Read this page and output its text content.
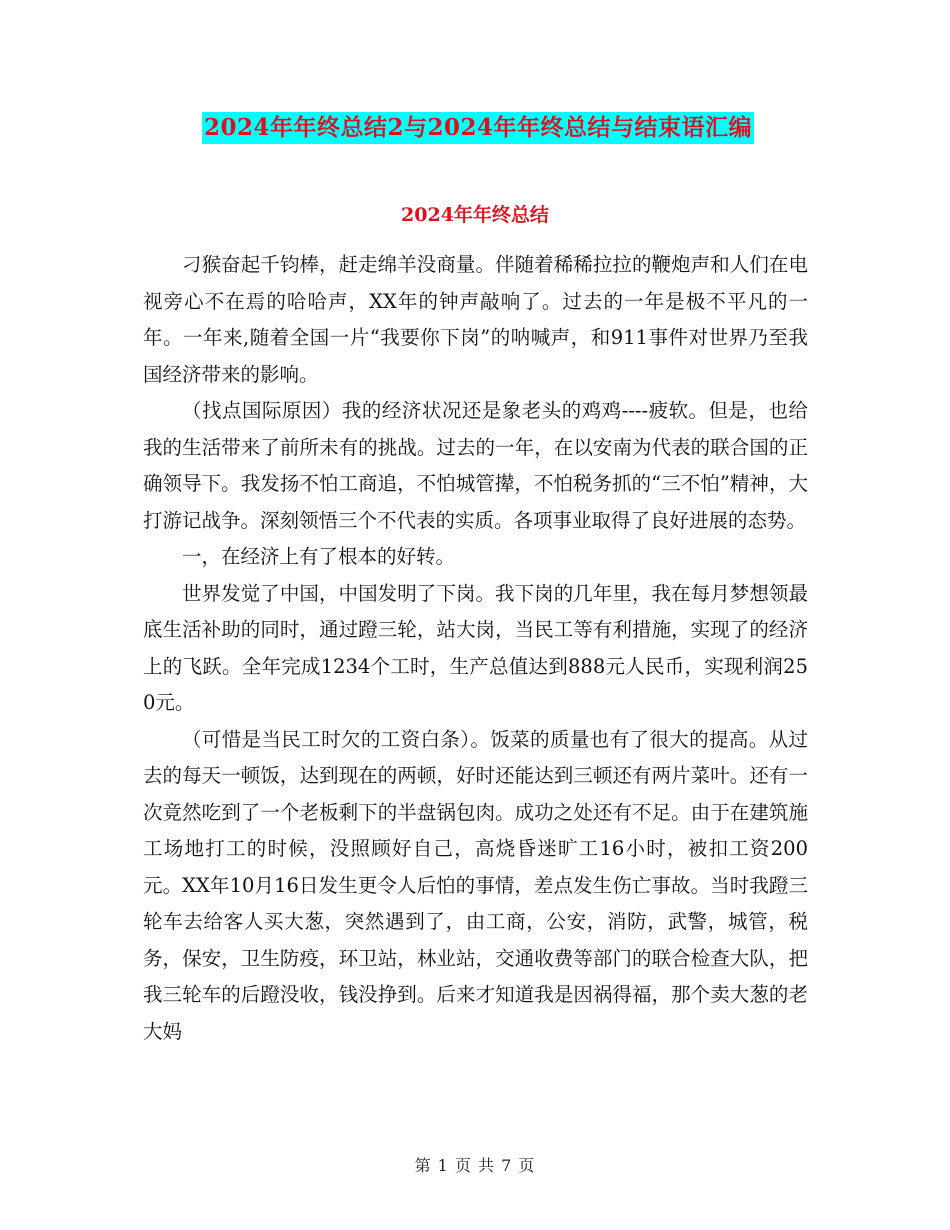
2024年年终总结2与2024年年终总结与结束语汇编
2024年年终总结

刁猴奋起千钧棒，赶走绵羊没商量。伴随着稀稀拉拉的鞭炮声和人们在电视旁心不在焉的哈哈声，XX年的钟声敲响了。过去的一年是极不平凡的一年。一年来,随着全国一片“我要你下岗”的呐喊声，和911事件对世界乃至我国经济带来的影响。

（找点国际原因）我的经济状况还是象老头的鸡鸡----疲软。但是，也给我的生活带来了前所未有的挑战。过去的一年，在以安南为代表的联合国的正确领导下。我发扬不怕工商追，不怕城管撵，不怕税务抓的“三不怕”精神，大打游记战争。深刻领悟三个不代表的实质。各项事业取得了良好进展的态势。

一，在经济上有了根本的好转。

世界发觉了中国，中国发明了下岗。我下岗的几年里，我在每月梦想领最底生活补助的同时，通过蹬三轮，站大岗，当民工等有利措施，实现了的经济上的飞跃。全年完成1234个工时，生产总值达到888元人民币，实现利润250元。

（可惜是当民工时欠的工资白条）。饭菜的质量也有了很大的提高。从过去的每天一顿饭，达到现在的两顿，好时还能达到三顿还有两片菜叶。还有一次竟然吃到了一个老板剩下的半盘锅包肉。成功之处还有不足。由于在建筑施工场地打工的时候，没照顾好自己，高烧昏迷旷工16小时，被扣工资200元。XX年10月16日发生更令人后怕的事情，差点发生伤亡事故。当时我蹬三轮车去给客人买大葱，突然遇到了，由工商，公安，消防，武警，城管，税务，保安，卫生防疫，环卫站，林业站，交通收费等部门的联合检查大队，把我三轮车的后蹬没收，钱没挣到。后来才知道我是因祸得福，那个卖大葱的老大妈

第 1 页 共 7 页
